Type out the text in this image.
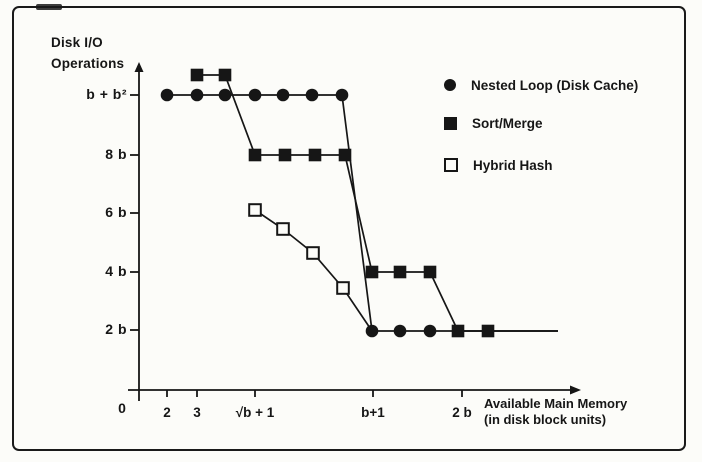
Disk I/O
Operations
0	Available Main Memory
(in disk block units)
b + b²
8 b
6 b
4 b
2 b
2	3	√b + 1	b+1	2 b
Nested Loop (Disk Cache)
Sort/Merge
Hybrid Hash
